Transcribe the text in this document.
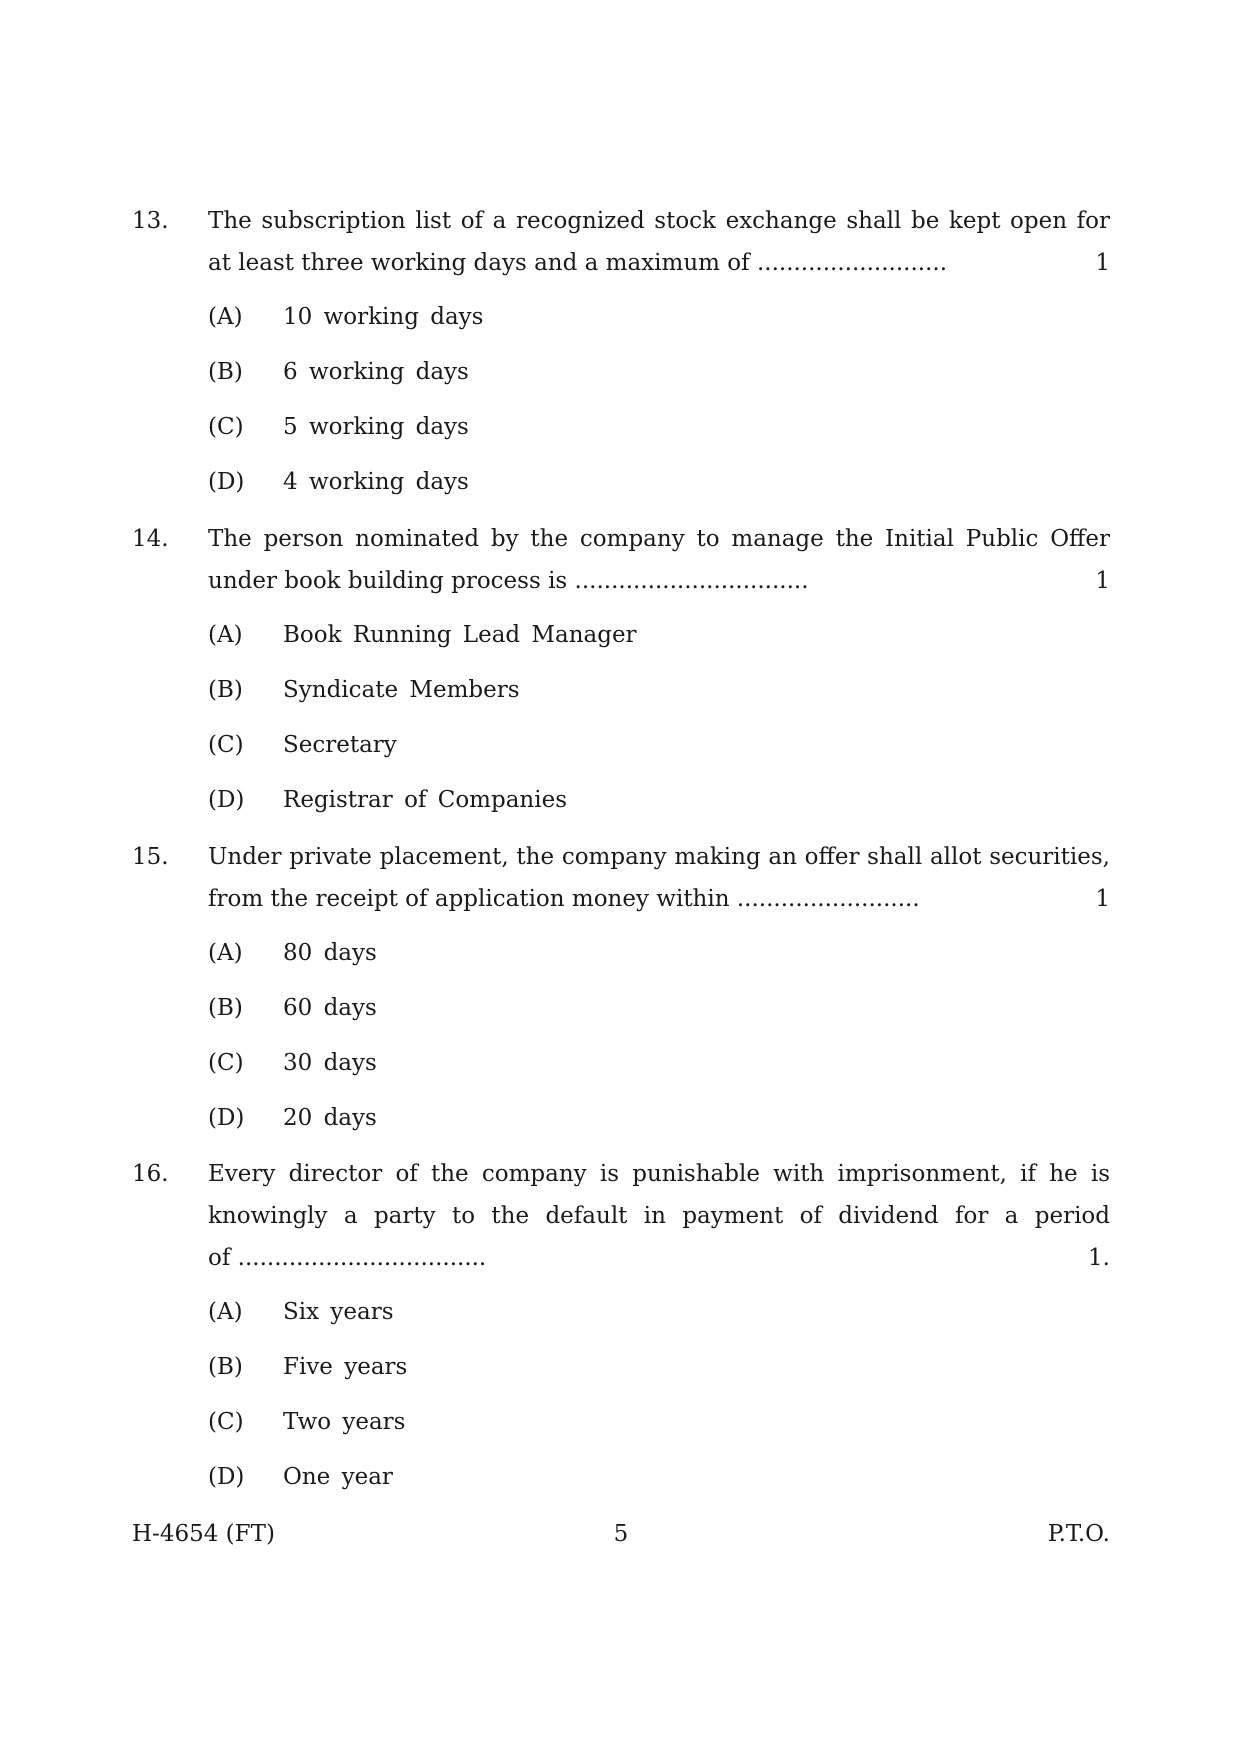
13.	The subscription list of a recognized stock exchange shall be kept open for
at least three working days and a maximum of ..........................	1
(A)	10 working days
(B)	6 working days
(C)	5 working days
(D)	4 working days
14.	The person nominated by the company to manage the Initial Public Offer
under book building process is ................................	1
(A)	Book Running Lead Manager
(B)	Syndicate Members
(C)	Secretary
(D)	Registrar of Companies
15.	Under private placement, the company making an offer shall allot securities,
from the receipt of application money within .........................	1
(A)	80 days
(B)	60 days
(C)	30 days
(D)	20 days
16.	Every director of the company is punishable with imprisonment, if he is
knowingly a party to the default in payment of dividend for a period
of ..................................	1.
(A)	Six years
(B)	Five years
(C)	Two years
(D)	One year
H-4654 (FT)	5	P.T.O.
